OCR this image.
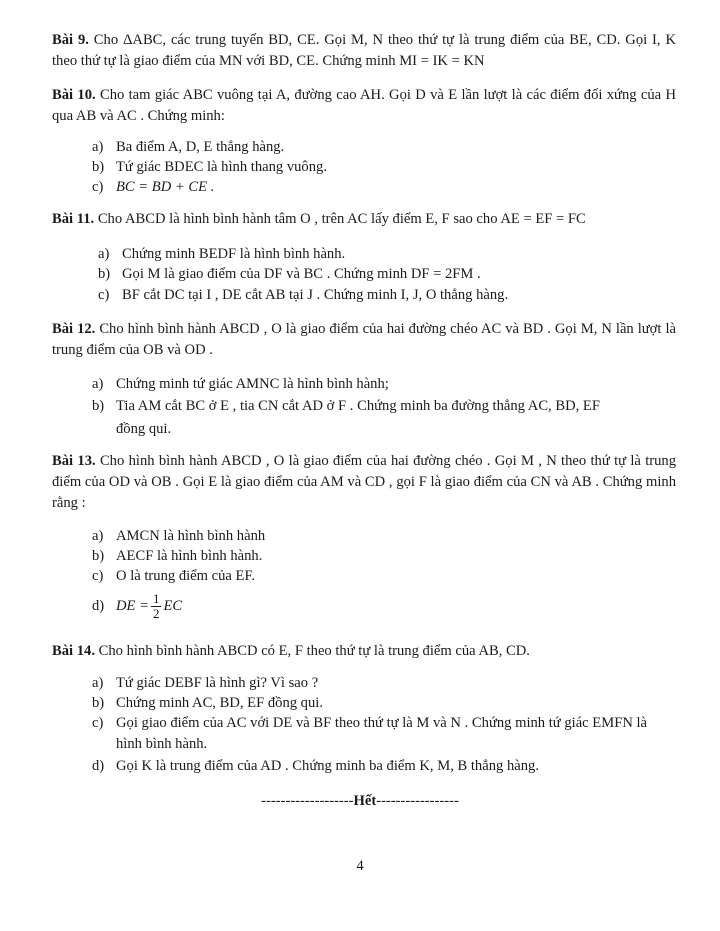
Bài 9. Cho ΔABC, các trung tuyến BD, CE. Gọi M, N theo thứ tự là trung điểm của BE, CD. Gọi I, K theo thứ tự là giao điểm của MN với BD, CE. Chứng minh MI = IK = KN

Bài 10. Cho tam giác ABC vuông tại A, đường cao AH. Gọi D và E lần lượt là các điểm đối xứng của H qua AB và AC . Chứng minh:

a) Ba điểm A, D, E thẳng hàng.

b) Tứ giác BDEC là hình thang vuông.

c) BC = BD + CE .

Bài 11. Cho ABCD là hình bình hành tâm O , trên AC lấy điểm E, F sao cho AE = EF = FC

a) Chứng minh BEDF là hình bình hành.

b) Gọi M là giao điểm của DF và BC . Chứng minh DF = 2FM .

c) BF cắt DC tại I , DE cắt AB tại J . Chứng minh I, J, O thẳng hàng.

Bài 12. Cho hình bình hành ABCD , O là giao điểm của hai đường chéo AC và BD . Gọi M, N lần lượt là trung điểm của OB và OD .

a) Chứng minh tứ giác AMNC là hình bình hành;

b) Tia AM cắt BC ở E , tia CN cắt AD ở F . Chứng minh ba đường thẳng AC, BD, EF

đồng qui.

Bài 13. Cho hình bình hành ABCD , O là giao điểm của hai đường chéo . Gọi M , N theo thứ tự là trung điểm của OD và OB . Gọi E là giao điểm của AM và CD , gọi F là giao điểm của CN và AB . Chứng minh rằng :

a) AMCN là hình bình hành

b) AECF là hình bình hành.

c) O là trung điểm của EF.

d) DE = $\frac{1}{2}$ EC

Bài 14. Cho hình bình hành ABCD có E, F theo thứ tự là trung điểm của AB, CD.

a) Tứ giác DEBF là hình gì? Vì sao ?

b) Chứng minh AC, BD, EF đồng qui.

c) Gọi giao điểm của AC với DE và BF theo thứ tự là M và N . Chứng minh tứ giác EMFN là

hình bình hành.

d) Gọi K là trung điểm của AD . Chứng minh ba điểm K, M, B thẳng hàng.

-------------------Hết-----------------
4
